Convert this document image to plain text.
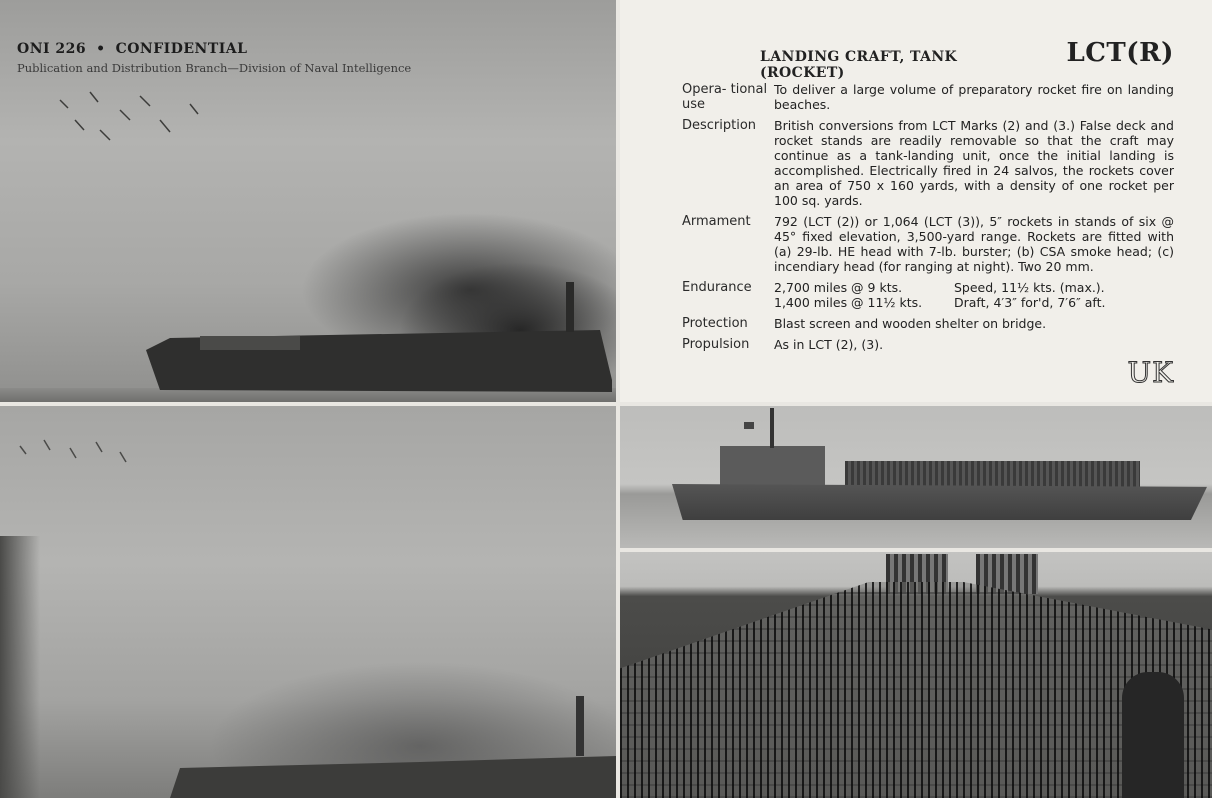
ONI 226 • CONFIDENTIAL
Publication and Distribution Branch—Division of Naval Intelligence
LANDING CRAFT, TANK (ROCKET)
LCT(R)
Opera- tional use	To deliver a large volume of preparatory rocket fire on landing beaches.
Description	British conversions from LCT Marks (2) and (3.) False deck and rocket stands are readily removable so that the craft may continue as a tank-landing unit, once the initial landing is accomplished. Electrically fired in 24 salvos, the rockets cover an area of 750 x 160 yards, with a density of one rocket per 100 sq. yards.
Armament	792 (LCT (2)) or 1,064 (LCT (3)), 5″ rockets in stands of six @ 45° fixed elevation, 3,500-yard range. Rockets are fitted with (a) 29-lb. HE head with 7-lb. burster; (b) CSA smoke head; (c) incendiary head (for ranging at night). Two 20 mm.
Endurance	2,700 miles @ 9 kts. Speed, 11½ kts. (max.).
1,400 miles @ 11½ kts. Draft, 4′3″ for'd, 7′6″ aft.

Protection	Blast screen and wooden shelter on bridge.
Propulsion	As in LCT (2), (3).
UK
